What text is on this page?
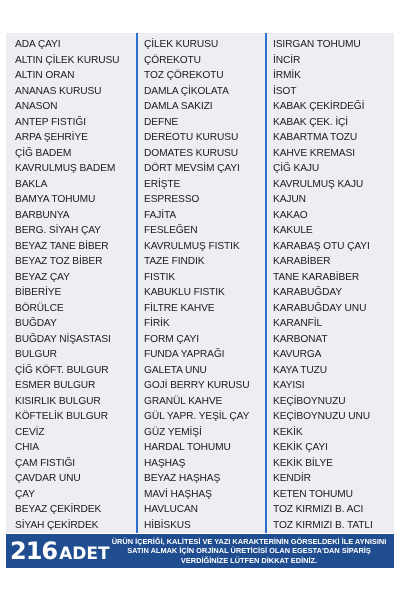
ADA ÇAYI
ALTIN ÇİLEK KURUSU
ALTIN ORAN
ANANAS KURUSU
ANASON
ANTEP FISTIĞI
ARPA ŞEHRİYE
ÇİĞ BADEM
KAVRULMUŞ BADEM
BAKLA
BAMYA TOHUMU
BARBUNYA
BERG. SİYAH ÇAY
BEYAZ TANE BİBER
BEYAZ TOZ BİBER
BEYAZ ÇAY
BİBERİYE
BÖRÜLCE
BUĞDAY
BUĞDAY NİŞASTASI
BULGUR
ÇİĞ KÖFT. BULGUR
ESMER BULGUR
KISIRLIK BULGUR
KÖFTELİK BULGUR
CEVİZ
CHIA
ÇAM FISTIĞI
ÇAVDAR UNU
ÇAY
BEYAZ ÇEKİRDEK
SİYAH ÇEKİRDEK
ÇİLEK KURUSU
ÇÖREKOTU
TOZ ÇÖREKOTU
DAMLA ÇİKOLATA
DAMLA SAKIZI
DEFNE
DEREOTU KURUSU
DOMATES KURUSU
DÖRT MEVSİM ÇAYI
ERİŞTE
ESPRESSO
FAJİTA
FESLEĞEN
KAVRULMUŞ FISTIK
TAZE FINDIK
FISTIK
KABUKLU FISTIK
FİLTRE KAHVE
FİRİK
FORM ÇAYI
FUNDA YAPRAĞI
GALETA UNU
GOJİ BERRY KURUSU
GRANÜL KAHVE
GÜL YAPR. YEŞİL ÇAY
GÜZ YEMİŞİ
HARDAL TOHUMU
HAŞHAŞ
BEYAZ HAŞHAŞ
MAVİ HAŞHAŞ
HAVLUCAN
HİBİSKUS
ISIRGAN TOHUMU
İNCİR
İRMİK
İSOT
KABAK ÇEKİRDEĞİ
KABAK ÇEK. İÇİ
KABARTMA TOZU
KAHVE KREMASI
ÇİĞ KAJU
KAVRULMUŞ KAJU
KAJUN
KAKAO
KAKULE
KARABAŞ OTU ÇAYI
KARABİBER
TANE KARABİBER
KARABUĞDAY
KARABUĞDAY UNU
KARANFİL
KARBONAT
KAVURGA
KAYA TUZU
KAYISI
KEÇİBOYNUZU
KEÇİBOYNUZU UNU
KEKİK
KEKİK ÇAYI
KEKİK BİLYE
KENDİR
KETEN TOHUMU
TOZ KIRMIZI B. ACI
TOZ KIRMIZI B. TATLI
216 ADET
ÜRÜN İÇERİĞİ, KALİTESİ VE YAZI KARAKTERİNİN GÖRSELDEKİ İLE AYNISINI SATIN ALMAK İÇİN ORJİNAL ÜRETİCİSİ OLAN EGESTA'DAN SİPARİŞ VERDİĞİNİZE LÜTFEN DİKKAT EDİNİZ.
